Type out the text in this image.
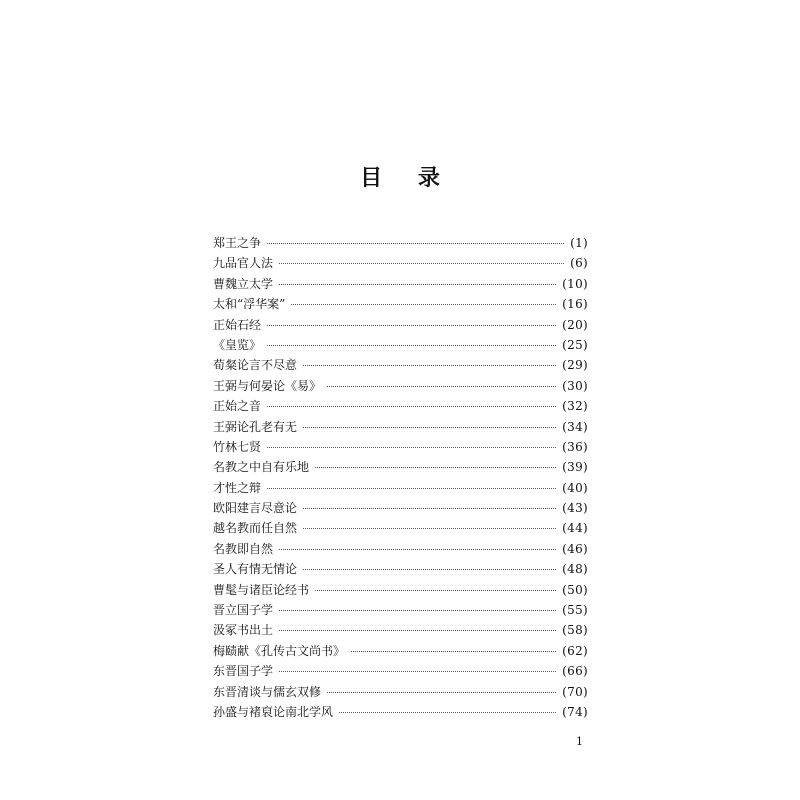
目 录
郑王之争	(1)
九品官人法	(6)
曹魏立太学	(10)
太和“浮华案”	(16)
正始石经	(20)
《皇览》	(25)
荀粲论言不尽意	(29)
王弼与何晏论《易》	(30)
正始之音	(32)
王弼论孔老有无	(34)
竹林七贤	(36)
名教之中自有乐地	(39)
才性之辩	(40)
欧阳建言尽意论	(43)
越名教而任自然	(44)
名教即自然	(46)
圣人有情无情论	(48)
曹髦与诸臣论经书	(50)
晋立国子学	(55)
汲冢书出土	(58)
梅赜献《孔传古文尚书》	(62)
东晋国子学	(66)
东晋清谈与儒玄双修	(70)
孙盛与褚裒论南北学风	(74)
1
